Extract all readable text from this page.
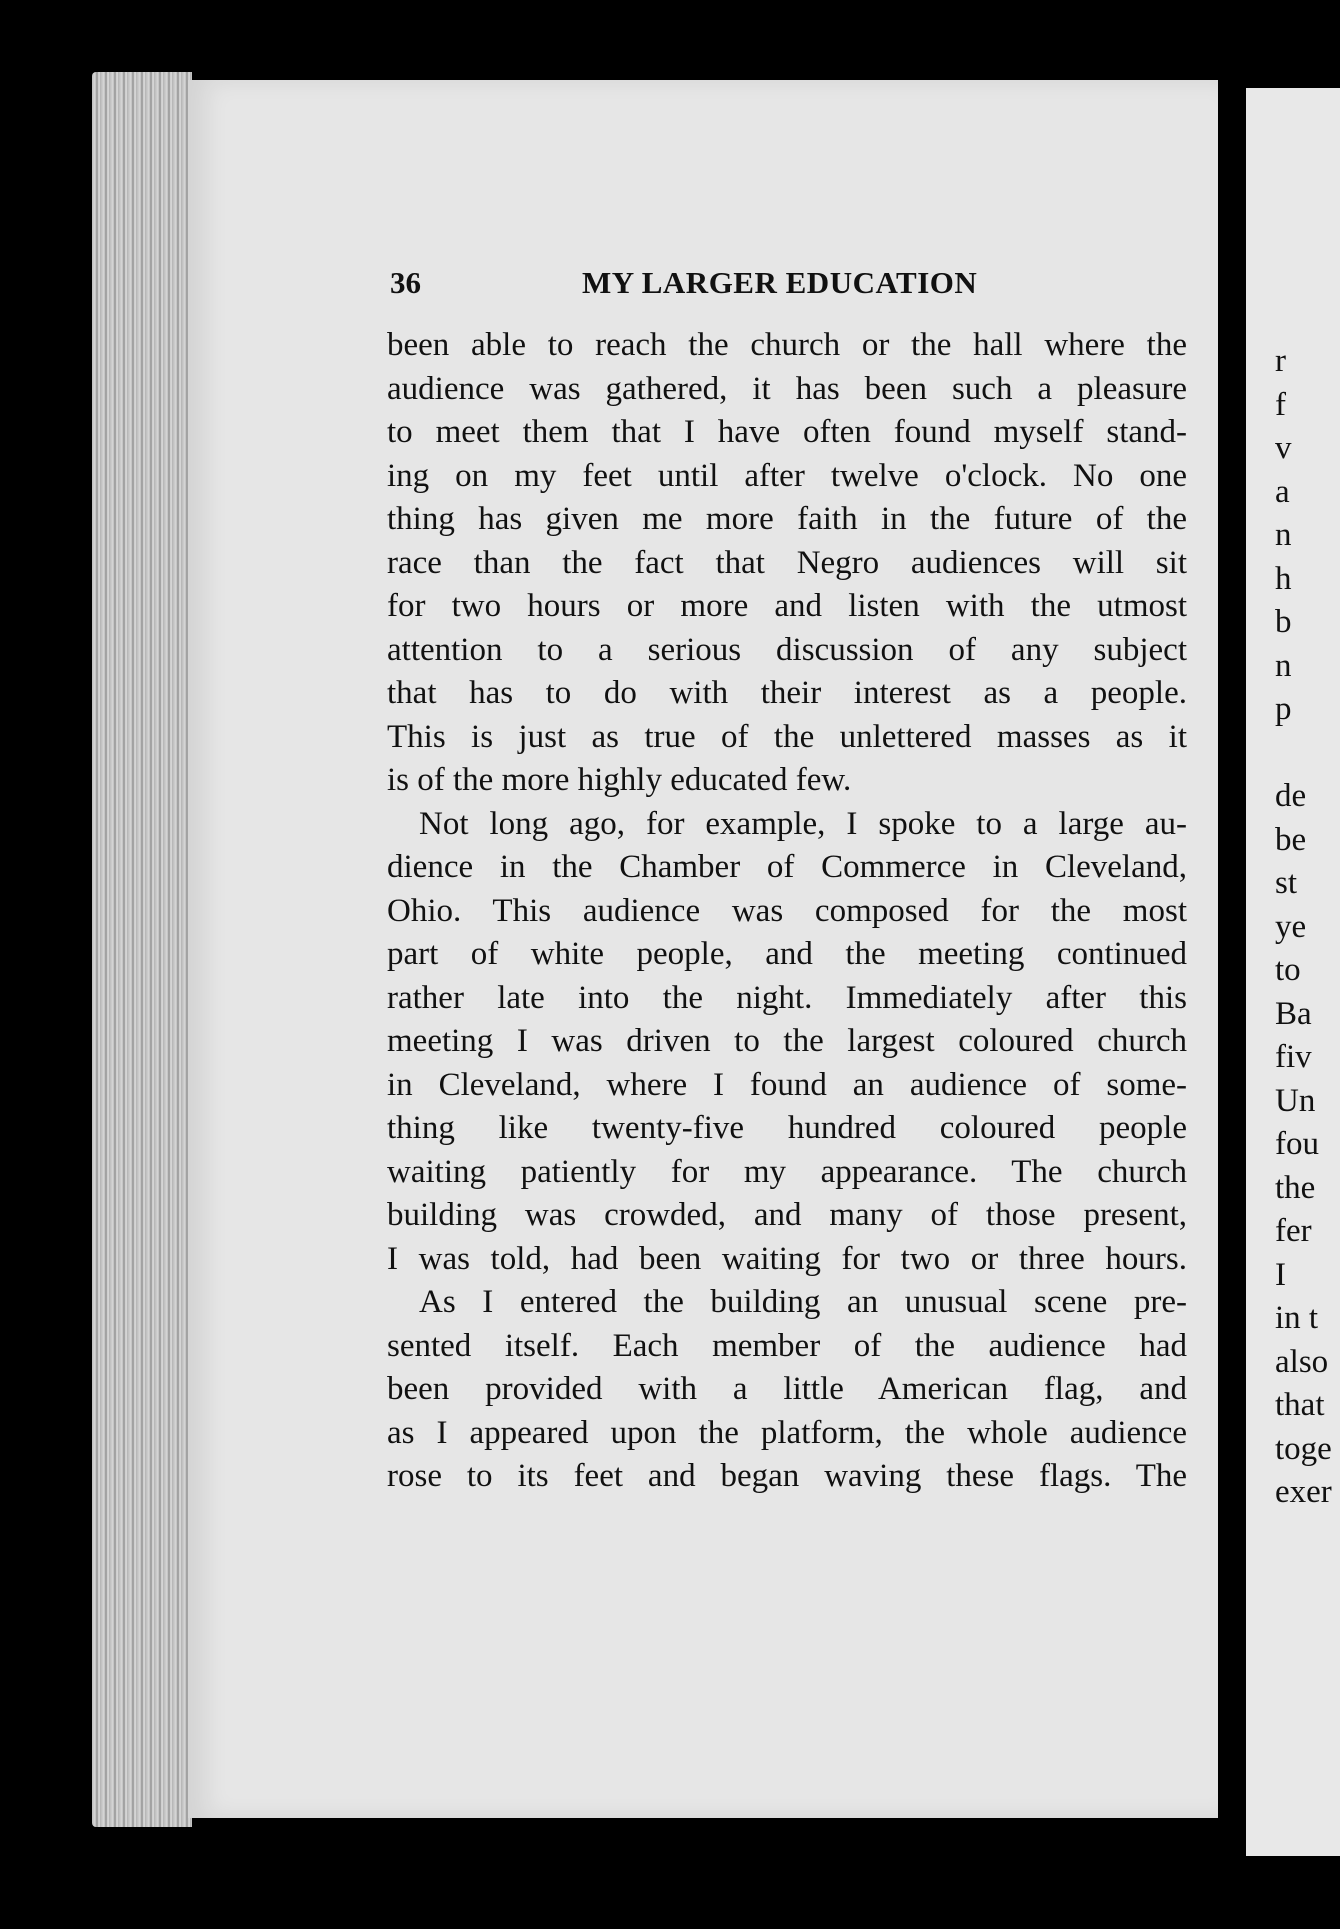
36	MY LARGER EDUCATION
been able to reach the church or the hall where the
audience was gathered, it has been such a pleasure
to meet them that I have often found myself stand-
ing on my feet until after twelve o'clock. No one
thing has given me more faith in the future of the
race than the fact that Negro audiences will sit
for two hours or more and listen with the utmost
attention to a serious discussion of any subject
that has to do with their interest as a people.
This is just as true of the unlettered masses as it
is of the more highly educated few.
Not long ago, for example, I spoke to a large au-
dience in the Chamber of Commerce in Cleveland,
Ohio. This audience was composed for the most
part of white people, and the meeting continued
rather late into the night. Immediately after this
meeting I was driven to the largest coloured church
in Cleveland, where I found an audience of some-
thing like twenty-five hundred coloured people
waiting patiently for my appearance. The church
building was crowded, and many of those present,
I was told, had been waiting for two or three hours.
As I entered the building an unusual scene pre-
sented itself. Each member of the audience had
been provided with a little American flag, and
as I appeared upon the platform, the whole audience
rose to its feet and began waving these flags. The
r
f
v
a
n
h
b
n
p
de
be
st
ye
to
Ba
fiv
Un
fou
the
fer
I
in t
also
that
toge
exer
